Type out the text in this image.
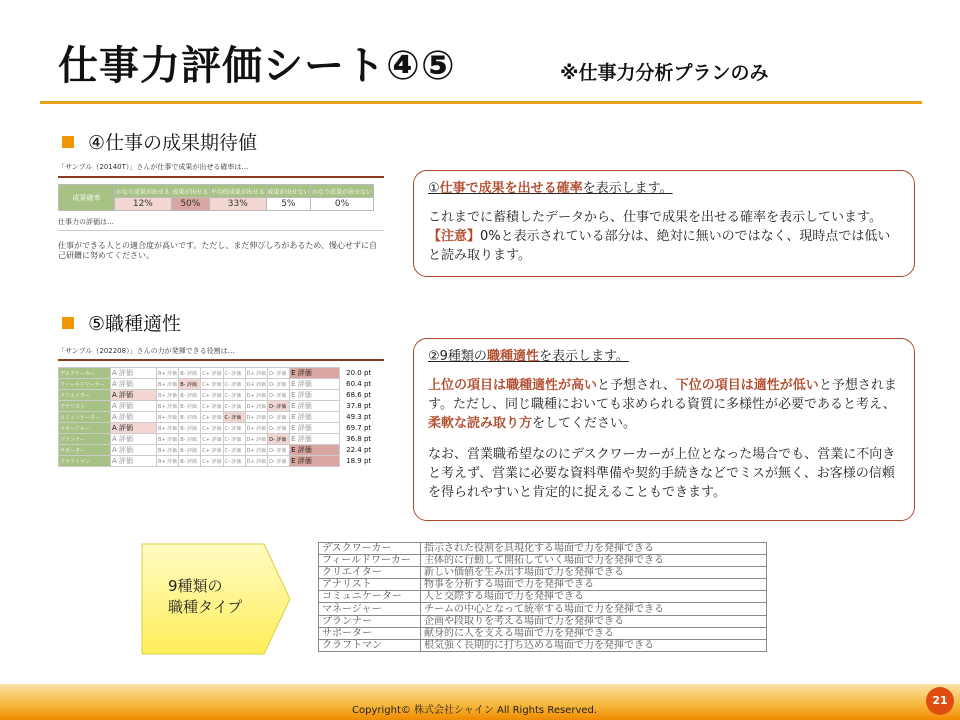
仕事力評価シート④⑤	※仕事力分析プランのみ
④仕事の成果期待値
「サンプル（20140T）」さんが仕事で成果が出せる確率は…
成果確率	かなり成果が出せる	成果が出せる	平均的成果が出せる	成果が出せない	かなり成果が出せない
	12%	50%	33%	5%	0%
仕事力の評価は…
仕事ができる人との適合度が高いです。ただし、まだ伸びしろがあるため、慢心せずに自己研鑽に努めてください。
①仕事で成果を出せる確率を表示します。
これまでに蓄積したデータから、仕事で成果を出せる確率を表示しています。【注意】0%と表示されている部分は、絶対に無いのではなく、現時点では低いと読み取ります。
⑤職種適性
「サンプル（202208）」さんの力が発揮できる役割は…
デスクワーカー	A 評価	B+ 評価	B- 評価	C+ 評価	C- 評価	D+ 評価	D- 評価	E 評価	20.0 pt
フィールドワーカー	A 評価	B+ 評価	B- 評価	C+ 評価	C- 評価	D+ 評価	D- 評価	E 評価	60.4 pt
クリエイター	A 評価	B+ 評価	B- 評価	C+ 評価	C- 評価	D+ 評価	D- 評価	E 評価	68.6 pt
アナリスト	A 評価	B+ 評価	B- 評価	C+ 評価	C- 評価	D+ 評価	D- 評価	E 評価	37.8 pt
コミュニケーター	A 評価	B+ 評価	B- 評価	C+ 評価	C- 評価	D+ 評価	D- 評価	E 評価	49.3 pt
マネージャー	A 評価	B+ 評価	B- 評価	C+ 評価	C- 評価	D+ 評価	D- 評価	E 評価	69.7 pt
プランナー	A 評価	B+ 評価	B- 評価	C+ 評価	C- 評価	D+ 評価	D- 評価	E 評価	36.8 pt
サポーター	A 評価	B+ 評価	B- 評価	C+ 評価	C- 評価	D+ 評価	D- 評価	E 評価	22.4 pt
クラフトマン	A 評価	B+ 評価	B- 評価	C+ 評価	C- 評価	D+ 評価	D- 評価	E 評価	18.9 pt
②9種類の職種適性を表示します。
上位の項目は職種適性が高いと予想され、下位の項目は適性が低いと予想されます。ただし、同じ職種においても求められる資質に多様性が必要であると考え、柔軟な読み取り方をしてください。
なお、営業職希望なのにデスクワーカーが上位となった場合でも、営業に不向きと考えず、営業に必要な資料準備や契約手続きなどでミスが無く、お客様の信頼を得られやすいと肯定的に捉えることもできます。
9種類の
職種タイプ
デスクワーカー	指示された役割を具現化する場面で力を発揮できる
フィールドワーカー	主体的に行動して開拓していく場面で力を発揮できる
クリエイター	新しい価値を生み出す場面で力を発揮できる
アナリスト	物事を分析する場面で力を発揮できる
コミュニケーター	人と交際する場面で力を発揮できる
マネージャー	チームの中心となって統率する場面で力を発揮できる
プランナー	企画や段取りを考える場面で力を発揮できる
サポーター	献身的に人を支える場面で力を発揮できる
クラフトマン	根気強く長期的に打ち込める場面で力を発揮できる
Copyright© 株式会社シャイン All Rights Reserved.
21
